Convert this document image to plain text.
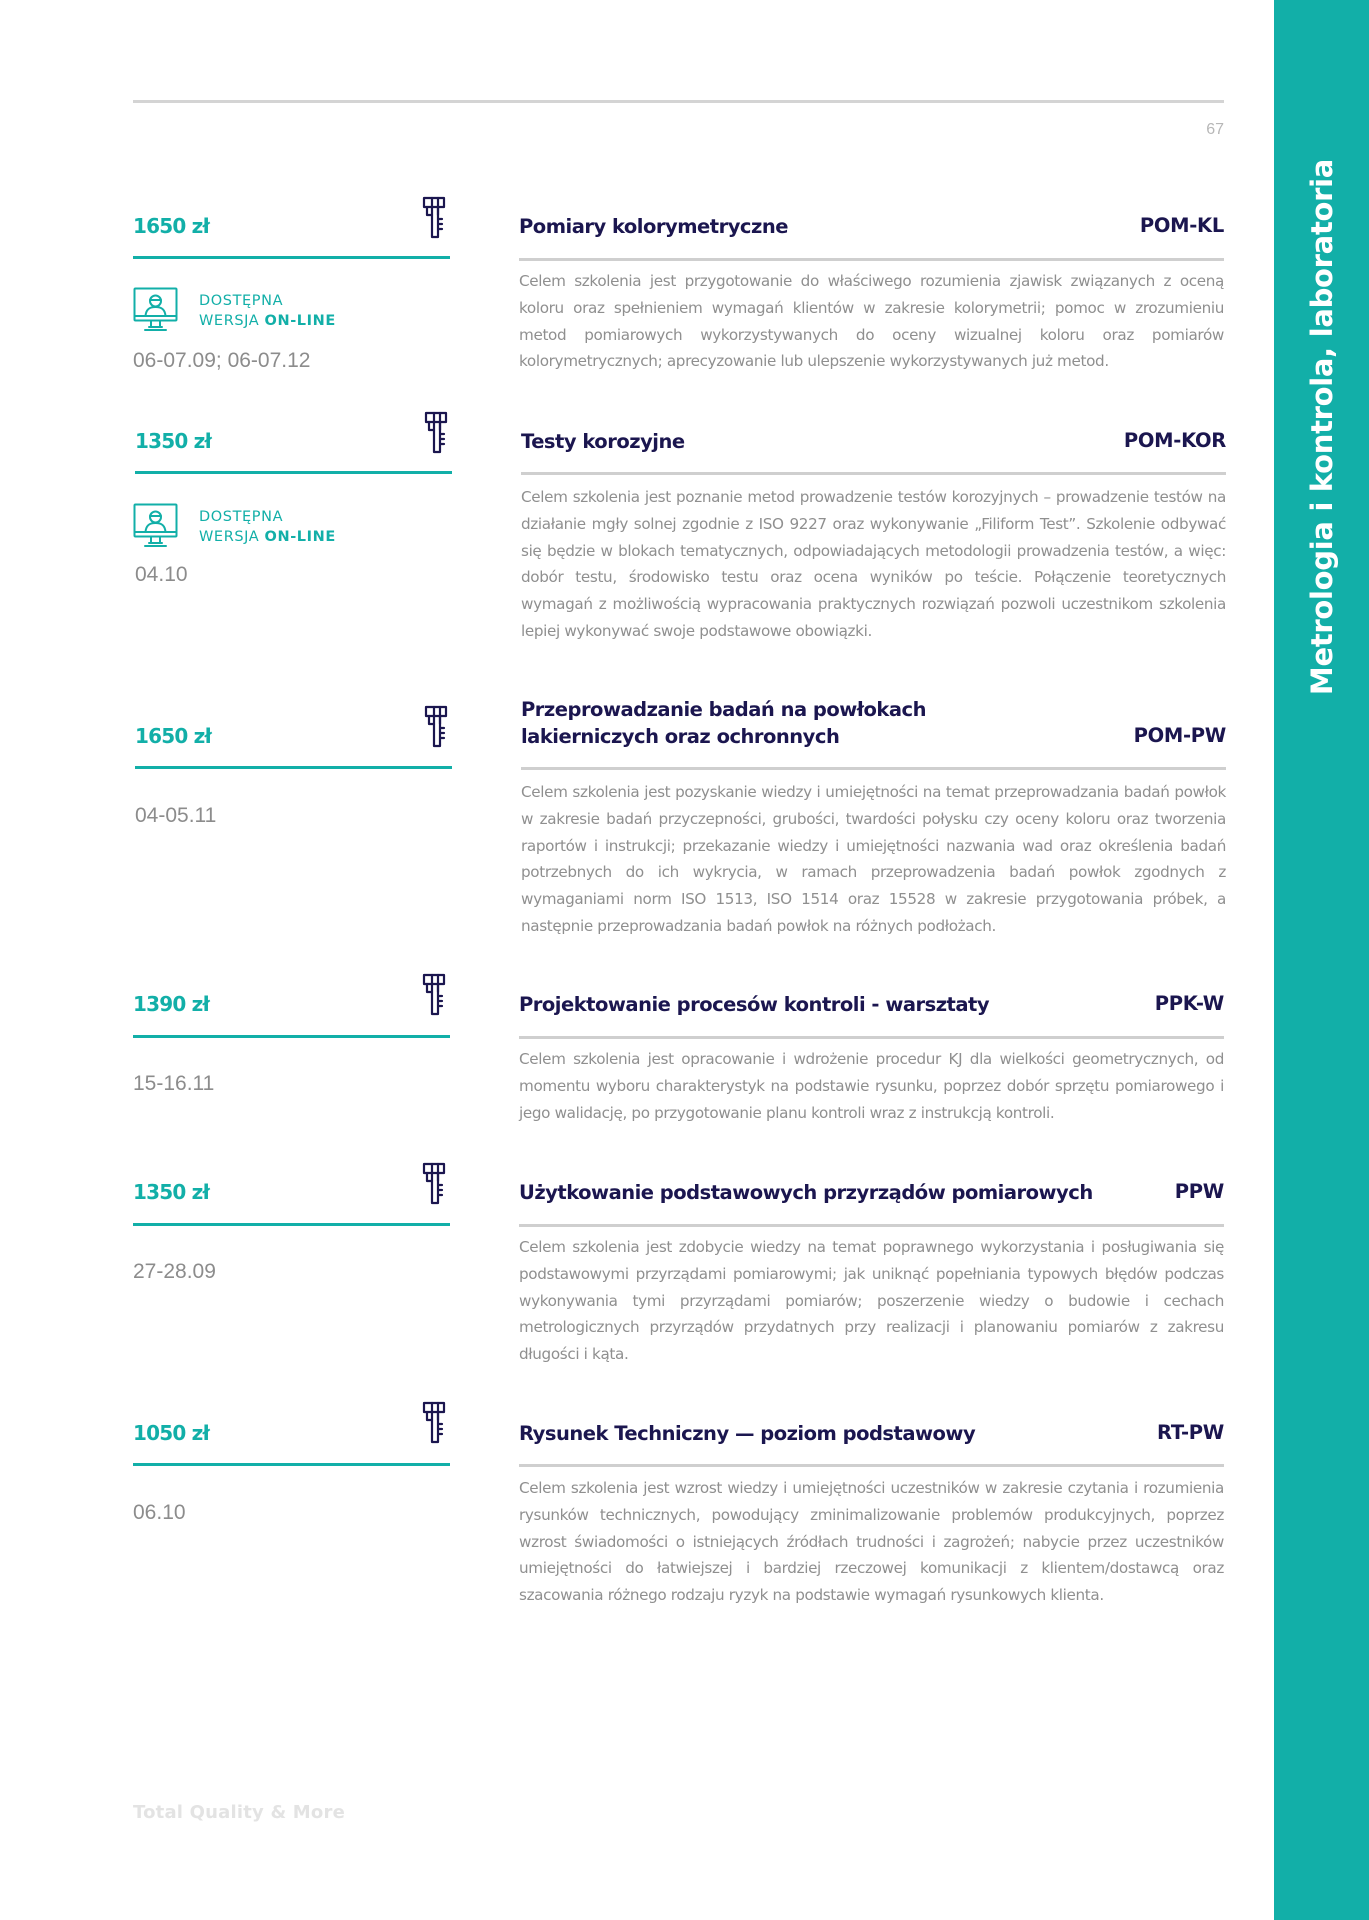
67
Metrologia i kontrola, laboratoria
1650 zł
DOSTĘPNA
WERSJA ON-LINE
06-07.09; 06-07.12
Pomiary kolorymetryczne	POM-KL
Celem szkolenia jest przygotowanie do właściwego rozumienia zjawisk związanych z oceną koloru oraz spełnieniem wymagań klientów w zakresie kolorymetrii; pomoc w zrozumieniu metod pomiarowych wykorzystywanych do oceny wizualnej koloru oraz pomiarów kolorymetrycznych; aprecyzowanie lub ulepszenie wykorzystywanych już metod.
1350 zł
DOSTĘPNA
WERSJA ON-LINE
04.10
Testy korozyjne	POM-KOR
Celem szkolenia jest poznanie metod prowadzenie testów korozyjnych – prowadzenie testów na działanie mgły solnej zgodnie z ISO 9227 oraz wykonywanie „Filiform Test”. Szkolenie odbywać się będzie w blokach tematycznych, odpowiadających metodologii prowadzenia testów, a więc: dobór testu, środowisko testu oraz ocena wyników po teście. Połączenie teoretycznych wymagań z możliwością wypracowania praktycznych rozwiązań pozwoli uczestnikom szkolenia lepiej wykonywać swoje podstawowe obowiązki.
1650 zł
04-05.11
Przeprowadzanie badań na powłokach
lakierniczych oraz ochronnych	POM-PW
Celem szkolenia jest pozyskanie wiedzy i umiejętności na temat przeprowadzania badań powłok w zakresie badań przyczepności, grubości, twardości połysku czy oceny koloru oraz tworzenia raportów i instrukcji; przekazanie wiedzy i umiejętności nazwania wad oraz określenia badań potrzebnych do ich wykrycia, w ramach przeprowadzenia badań powłok zgodnych z wymaganiami norm ISO 1513, ISO 1514 oraz 15528 w zakresie przygotowania próbek, a następnie przeprowadzania badań powłok na różnych podłożach.
1390 zł
15-16.11
Projektowanie procesów kontroli - warsztaty	PPK-W
Celem szkolenia jest opracowanie i wdrożenie procedur KJ dla wielkości geometrycznych, od momentu wyboru charakterystyk na podstawie rysunku, poprzez dobór sprzętu pomiarowego i jego walidację, po przygotowanie planu kontroli wraz z instrukcją kontroli.
1350 zł
27-28.09
Użytkowanie podstawowych przyrządów pomiarowych	PPW
Celem szkolenia jest zdobycie wiedzy na temat poprawnego wykorzystania i posługiwania się podstawowymi przyrządami pomiarowymi; jak uniknąć popełniania typowych błędów podczas wykonywania tymi przyrządami pomiarów; poszerzenie wiedzy o budowie i cechach metrologicznych przyrządów przydatnych przy realizacji i planowaniu pomiarów z zakresu długości i kąta.
1050 zł
06.10
Rysunek Techniczny — poziom podstawowy	RT-PW
Celem szkolenia jest wzrost wiedzy i umiejętności uczestników w zakresie czytania i rozumienia rysunków technicznych, powodujący zminimalizowanie problemów produkcyjnych, poprzez wzrost świadomości o istniejących źródłach trudności i zagrożeń; nabycie przez uczestników umiejętności do łatwiejszej i bardziej rzeczowej komunikacji z klientem/dostawcą oraz szacowania różnego rodzaju ryzyk na podstawie wymagań rysunkowych klienta.
Total Quality & More
